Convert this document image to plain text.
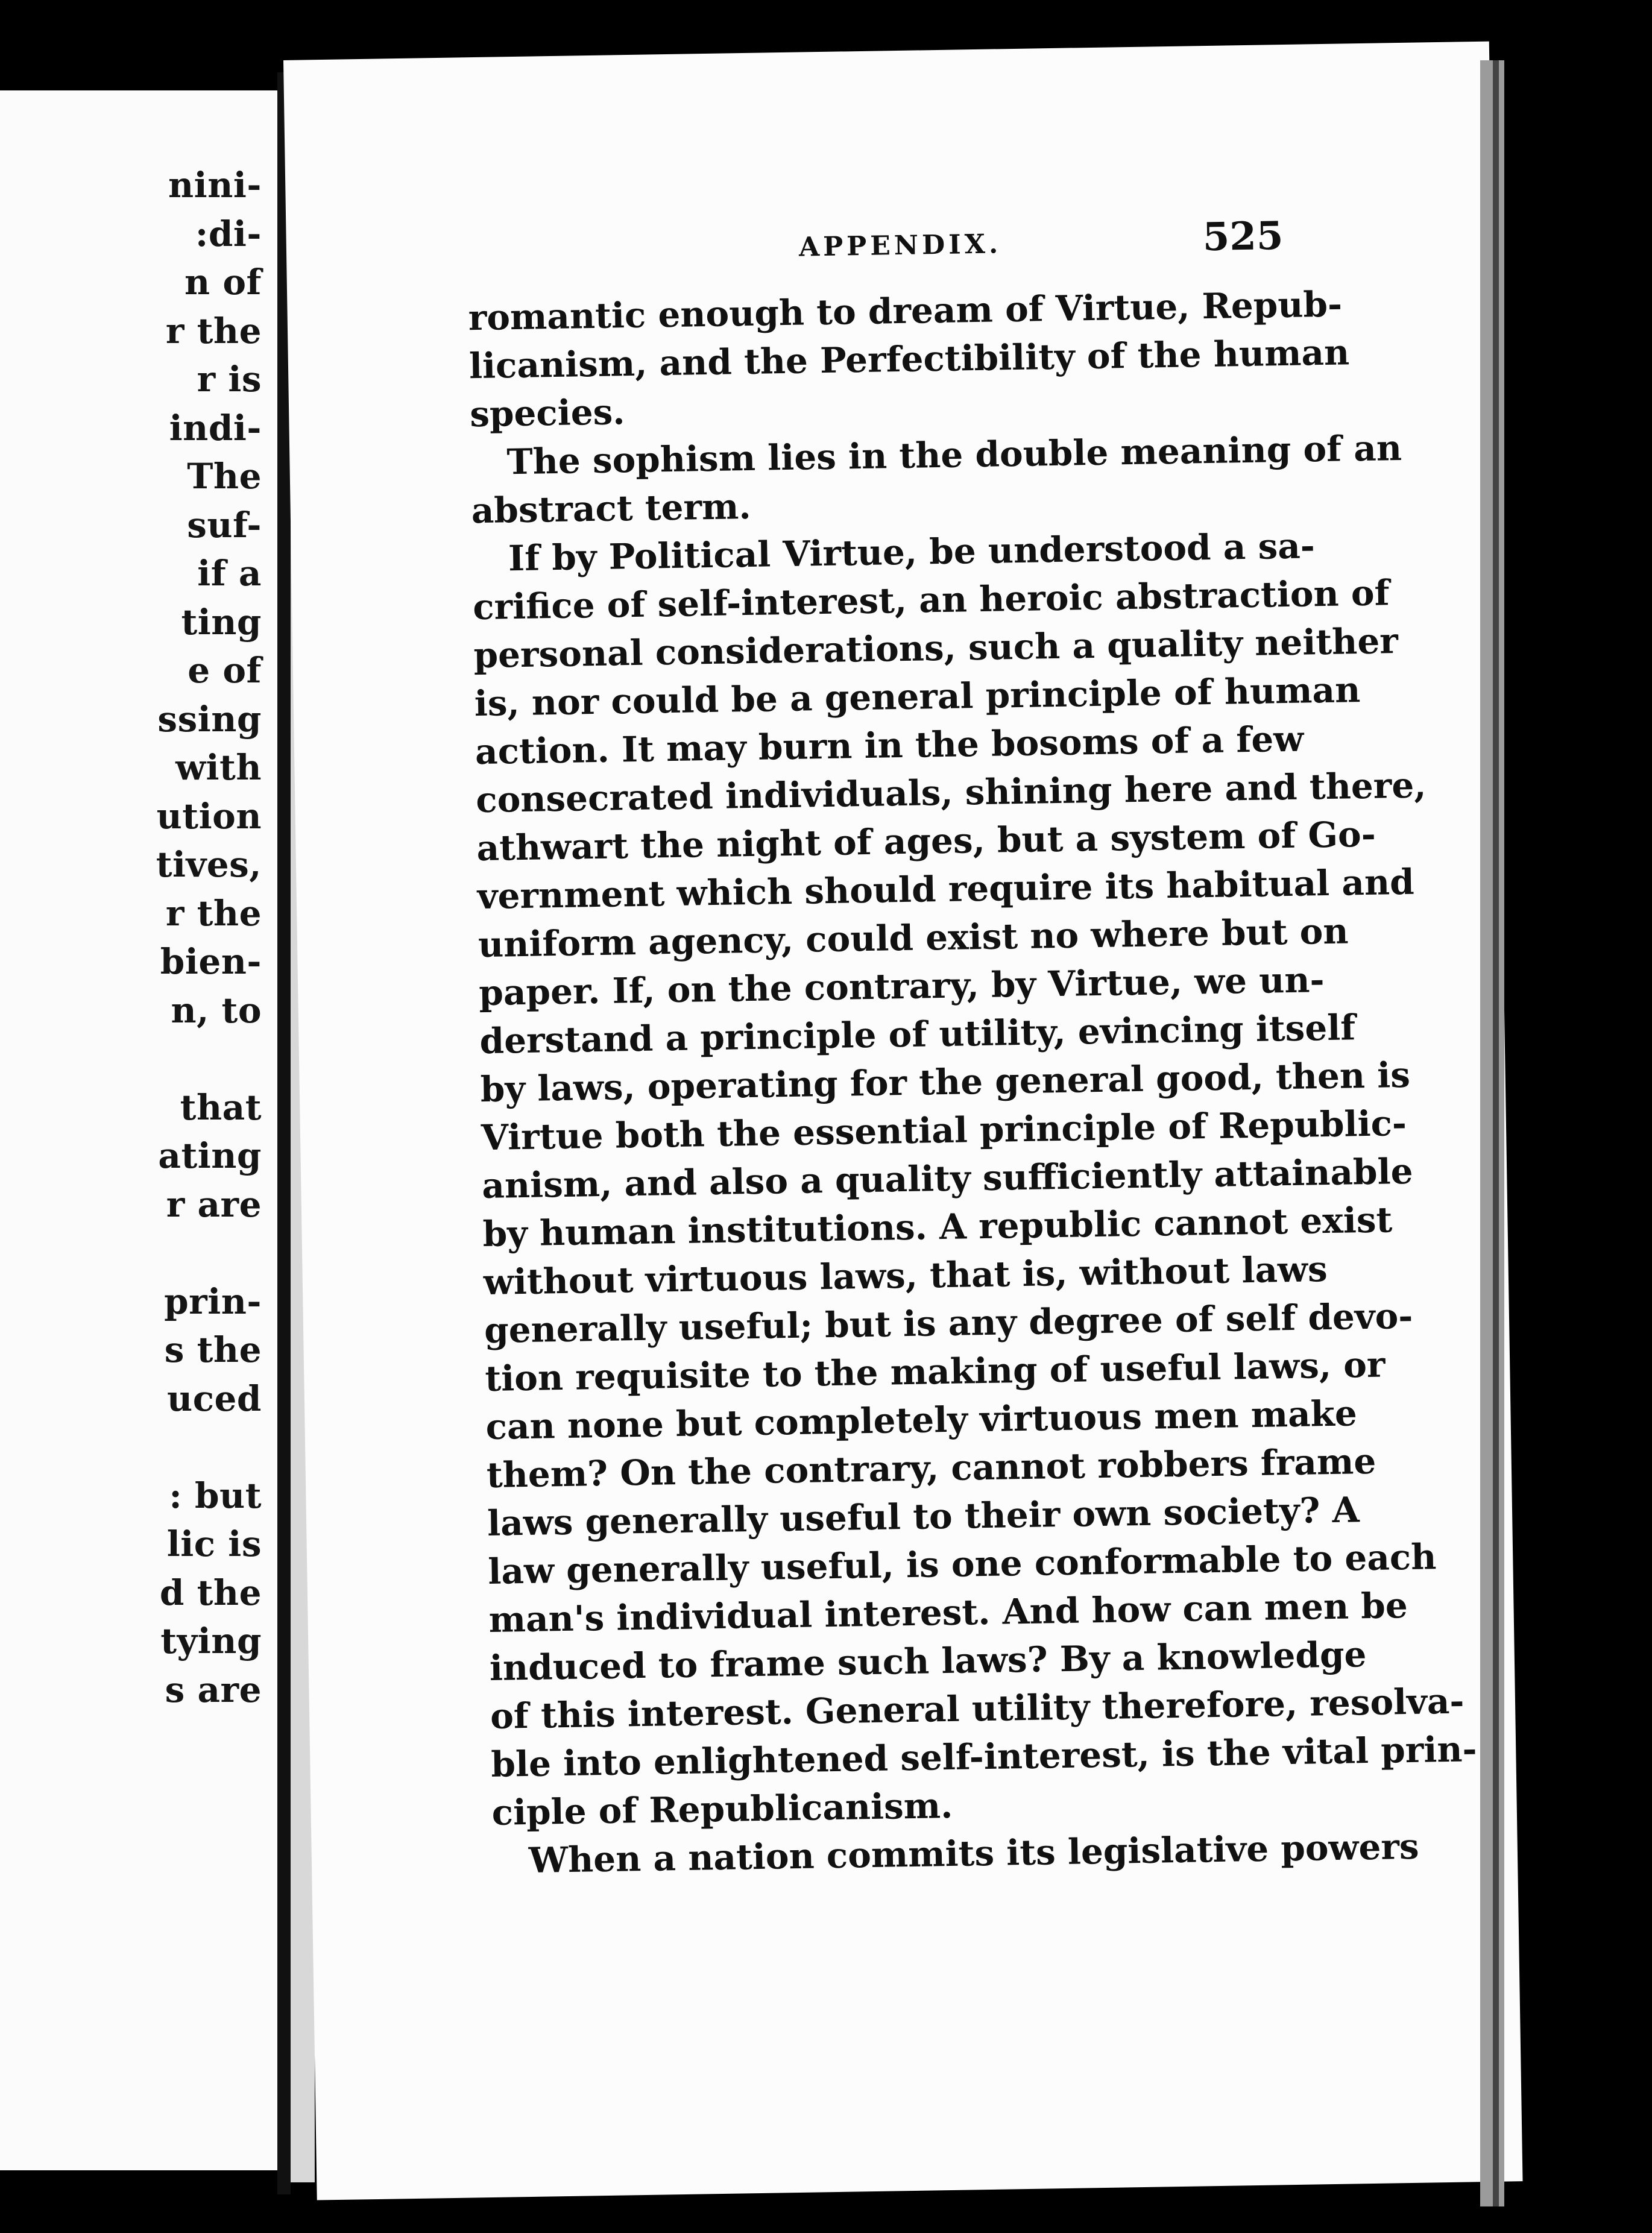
nini-
:di-
n of
r the
r is
indi-
The
suf-
if a
ting
e of
ssing
with
ution
tives,
r the
bien-
n, to
that
ating
r are
prin-
s the
uced
: but
lic is
d the
tying
s are
APPENDIX.	525
romantic enough to dream of Virtue, Repub-
licanism, and the Perfectibility of the human
species.
The sophism lies in the double meaning of an
abstract term.
If by Political Virtue, be understood a sa-
crifice of self-interest, an heroic abstraction of
personal considerations, such a quality neither
is, nor could be a general principle of human
action. It may burn in the bosoms of a few
consecrated individuals, shining here and there,
athwart the night of ages, but a system of Go-
vernment which should require its habitual and
uniform agency, could exist no where but on
paper. If, on the contrary, by Virtue, we un-
derstand a principle of utility, evincing itself
by laws, operating for the general good, then is
Virtue both the essential principle of Republic-
anism, and also a quality sufficiently attainable
by human institutions. A republic cannot exist
without virtuous laws, that is, without laws
generally useful; but is any degree of self devo-
tion requisite to the making of useful laws, or
can none but completely virtuous men make
them? On the contrary, cannot robbers frame
laws generally useful to their own society? A
law generally useful, is one conformable to each
man's individual interest. And how can men be
induced to frame such laws? By a knowledge
of this interest. General utility therefore, resolva-
ble into enlightened self-interest, is the vital prin-
ciple of Republicanism.
When a nation commits its legislative powers
